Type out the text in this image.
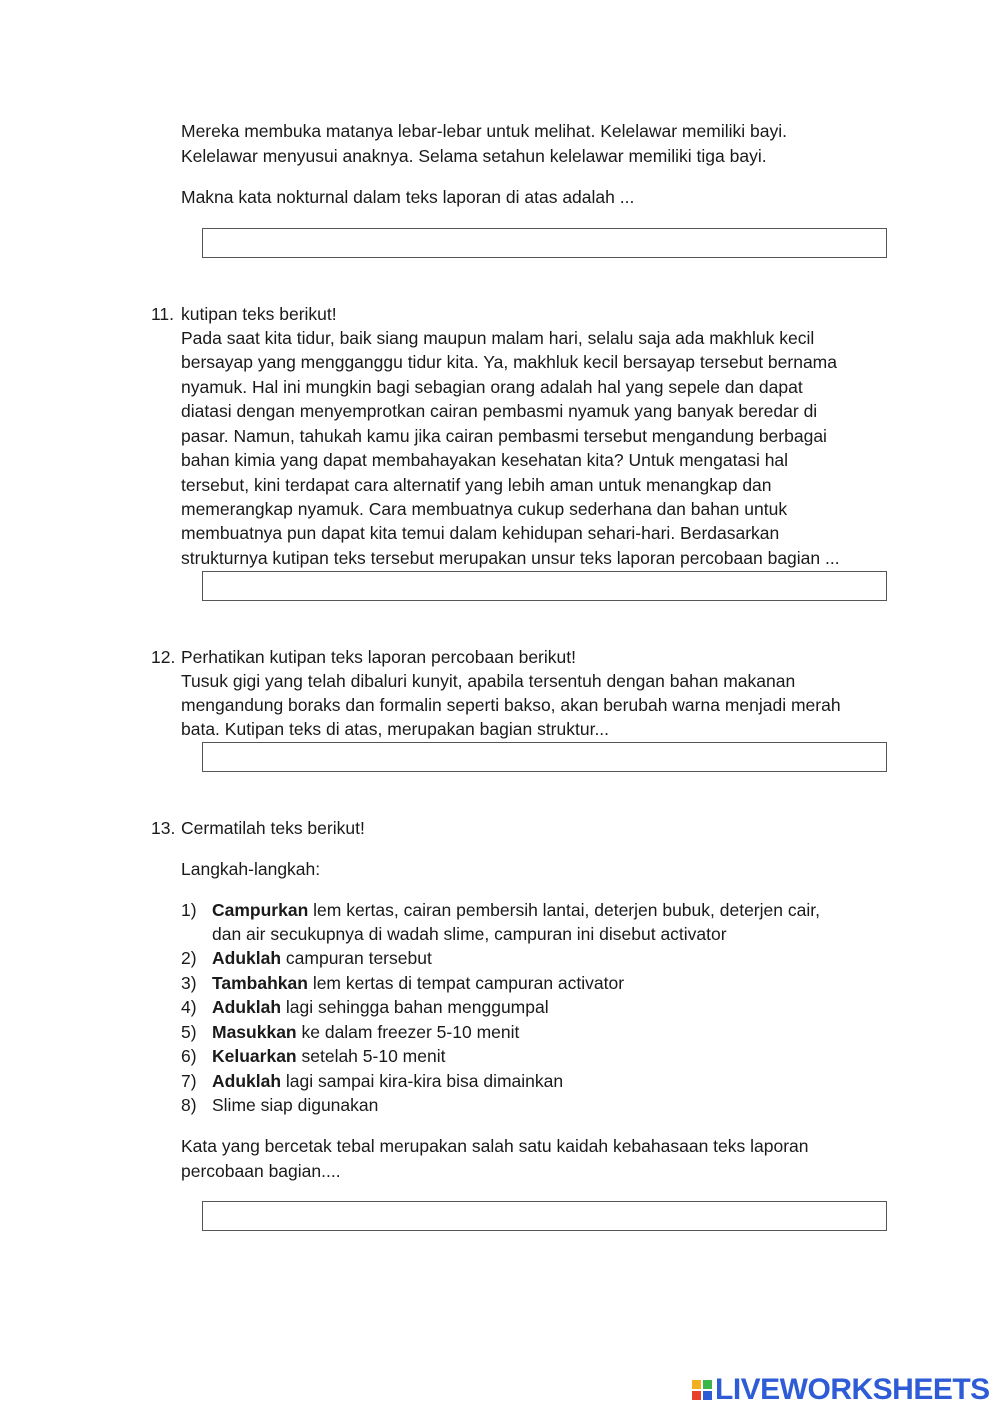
Mereka membuka matanya lebar-lebar untuk melihat. Kelelawar memiliki bayi.
Kelelawar menyusui anaknya. Selama setahun kelelawar memiliki tiga bayi.
Makna kata nokturnal dalam teks laporan di atas adalah ...
11. kutipan teks berikut!
Pada saat kita tidur, baik siang maupun malam hari, selalu saja ada makhluk kecil
bersayap yang mengganggu tidur kita. Ya, makhluk kecil bersayap tersebut bernama
nyamuk. Hal ini mungkin bagi sebagian orang adalah hal yang sepele dan dapat
diatasi dengan menyemprotkan cairan pembasmi nyamuk yang banyak beredar di
pasar. Namun, tahukah kamu jika cairan pembasmi tersebut mengandung berbagai
bahan kimia yang dapat membahayakan kesehatan kita? Untuk mengatasi hal
tersebut, kini terdapat cara alternatif yang lebih aman untuk menangkap dan
memerangkap nyamuk. Cara membuatnya cukup sederhana dan bahan untuk
membuatnya pun dapat kita temui dalam kehidupan sehari-hari. Berdasarkan
strukturnya kutipan teks tersebut merupakan unsur teks laporan percobaan bagian ...
12. Perhatikan kutipan teks laporan percobaan berikut!
Tusuk gigi yang telah dibaluri kunyit, apabila tersentuh dengan bahan makanan
mengandung boraks dan formalin seperti bakso, akan berubah warna menjadi merah
bata. Kutipan teks di atas, merupakan bagian struktur...
13. Cermatilah teks berikut!
Langkah-langkah:
1) Campurkan lem kertas, cairan pembersih lantai, deterjen bubuk, deterjen cair,
dan air secukupnya di wadah slime, campuran ini disebut activator
2) Aduklah campuran tersebut
3) Tambahkan lem kertas di tempat campuran activator
4) Aduklah lagi sehingga bahan menggumpal
5) Masukkan ke dalam freezer 5-10 menit
6) Keluarkan setelah 5-10 menit
7) Aduklah lagi sampai kira-kira bisa dimainkan
8) Slime siap digunakan
Kata yang bercetak tebal merupakan salah satu kaidah kebahasaan teks laporan
percobaan bagian....
LIVEWORKSHEETS
